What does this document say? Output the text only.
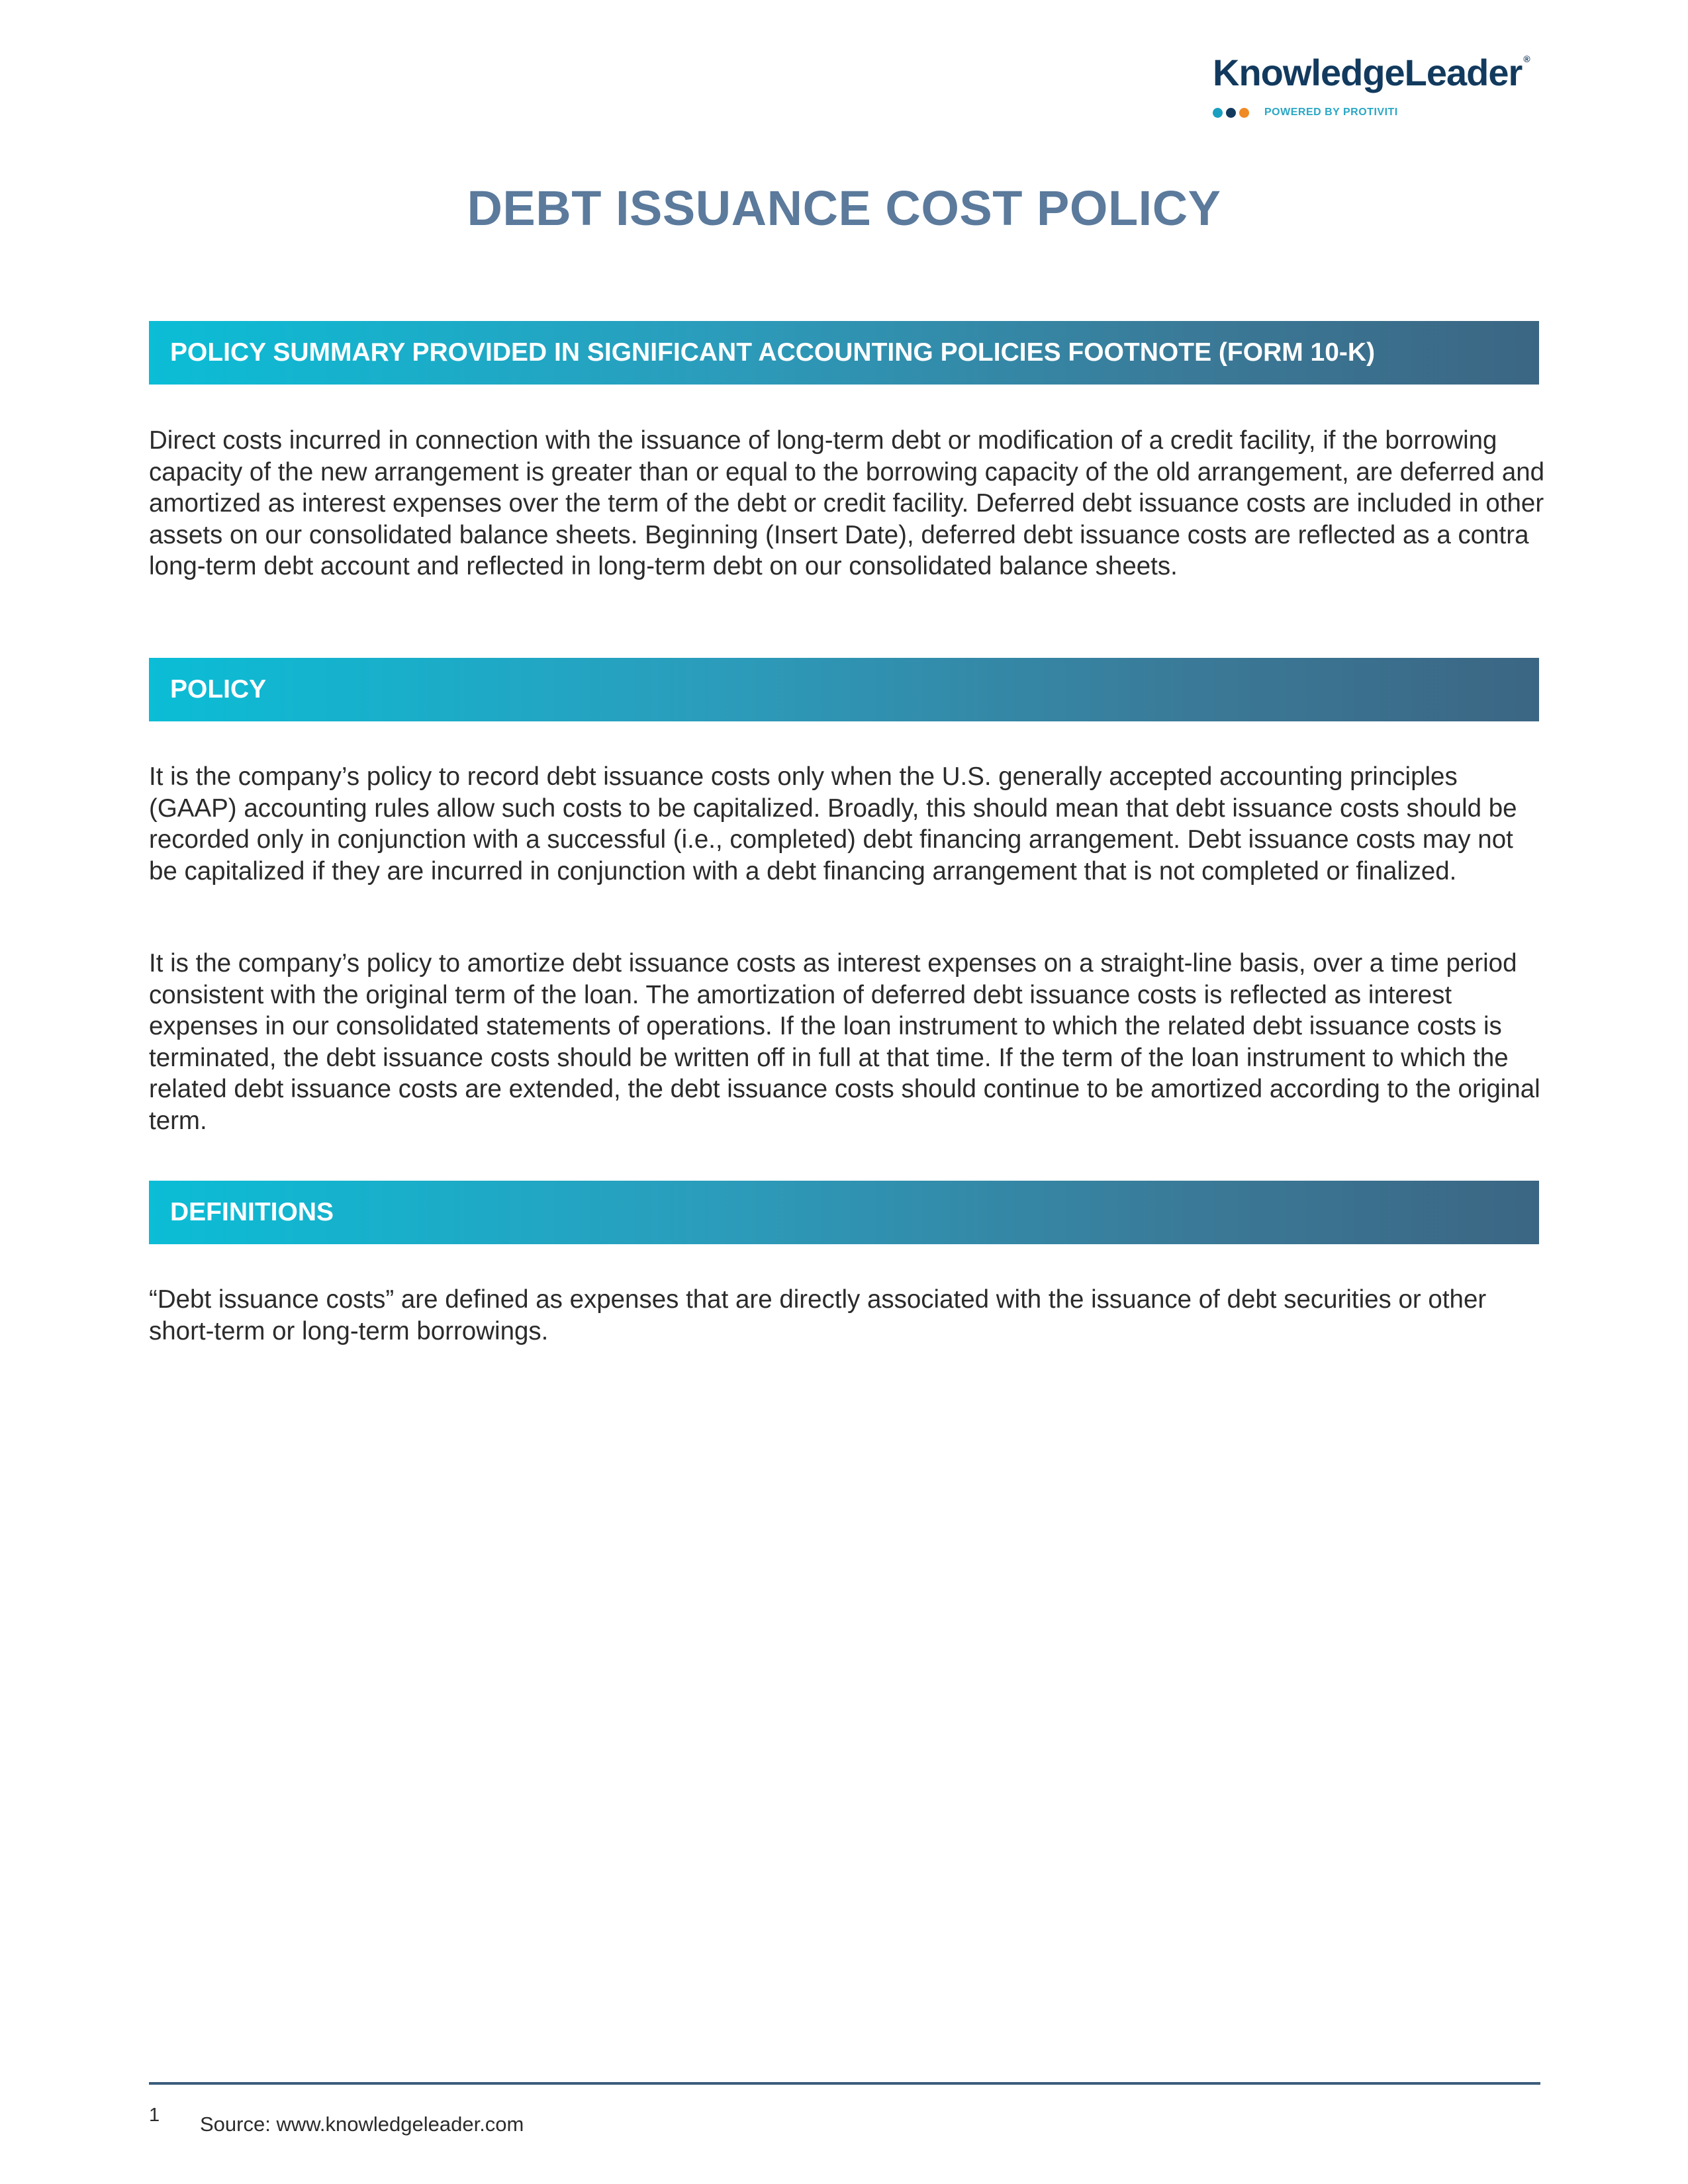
KnowledgeLeader ®
POWERED BY PROTIVITI
DEBT ISSUANCE COST POLICY
POLICY SUMMARY PROVIDED IN SIGNIFICANT ACCOUNTING POLICIES FOOTNOTE (FORM 10-K)

Direct costs incurred in connection with the issuance of long-term debt or modification of a credit facility, if the borrowing capacity of the new arrangement is greater than or equal to the borrowing capacity of the old arrangement, are deferred and amortized as interest expenses over the term of the debt or credit facility. Deferred debt issuance costs are included in other assets on our consolidated balance sheets. Beginning (Insert Date), deferred debt issuance costs are reflected as a contra long-term debt account and reflected in long-term debt on our consolidated balance sheets.

POLICY

It is the company’s policy to record debt issuance costs only when the U.S. generally accepted accounting principles (GAAP) accounting rules allow such costs to be capitalized. Broadly, this should mean that debt issuance costs should be recorded only in conjunction with a successful (i.e., completed) debt financing arrangement. Debt issuance costs may not be capitalized if they are incurred in conjunction with a debt financing arrangement that is not completed or finalized.

It is the company’s policy to amortize debt issuance costs as interest expenses on a straight-line basis, over a time period consistent with the original term of the loan. The amortization of deferred debt issuance costs is reflected as interest expenses in our consolidated statements of operations. If the loan instrument to which the related debt issuance costs is terminated, the debt issuance costs should be written off in full at that time. If the term of the loan instrument to which the related debt issuance costs are extended, the debt issuance costs should continue to be amortized according to the original term.

DEFINITIONS

“Debt issuance costs” are defined as expenses that are directly associated with the issuance of debt securities or other short-term or long-term borrowings.

1 Source: www.knowledgeleader.com
